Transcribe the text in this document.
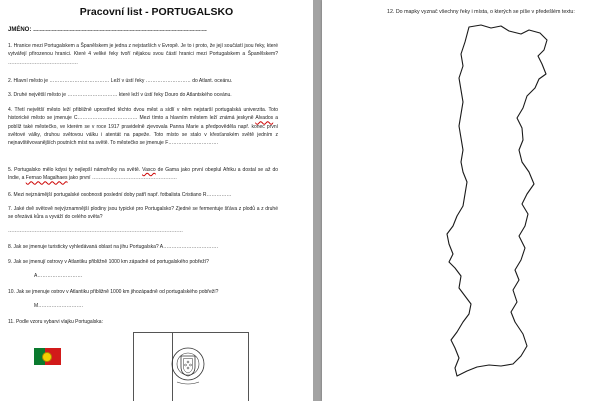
Pracovní list - PORTUGALSKO
JMÉNO: ……………………………………………………………………………
1. Hranice mezi Portugalskem a Španělskem je jedna z nejstarších v Evropě. Je to i proto, že její součástí jsou řeky, které vytvářejí přirozenou hranici. Které 4 veliké řeky tvoří nějakou svou částí hranici mezi Portugalskem a Španělskem? ……………………………………
2. Hlavní město je ……………………………… Leží v ústí řeky ……………………… do Atlant. oceánu.
3. Druhé největší město je ………………………… které leží v ústí řeky Douro do Atlantského oceánu.
4. Třetí největší město leží přibližně uprostřed těchto dvou měst a sídlí v něm nejstarší portugalská univerzita. Toto historické město se jmenuje C……………………………… Mezi tímto a hlavním městem leží známá jeskyně Alvados a poblíž také městečko, ve kterém se v roce 1917 pravidelně zjevovala Panna Marie a předpověděla např. konec první světové války, druhou světovou válku i atentát na papeže. Toto místo se stalo v křesťanském světě jedním z nejnavštěvovanějších poutních míst na světě. To městečko se jmenuje F…………………………
5. Portugalsko mělo kdysi ty nejlepší námořníky na světě. Vasco de Gama jako první obeplul Afriku a dostal se až do Indie, a Fernao Magalhaes jako první ……………………………………………
6. Mezi nejznámější portugalské osobnosti poslední doby patří např. fotbalista Cristiano R……………
7. Jaké dvě světově nejvýznamnější plodiny jsou typické pro Portugalsko? Zjedné se fermentuje šťáva z plodů a z druhé se ořezává kůra a vyváží do celého světa?
……………………………………………………………………………………………
8. Jak se jmenuje turisticky vyhledávaná oblast na jihu Portugalska? A……………………………
9. Jak se jmenují ostrovy v Atlantiku přibližně 1000 km západně od portugalského pobřeží?
A………………………
10. Jak se jmenuje ostrov v Atlantiku přibližně 1000 km jihozápadně od portugalského pobřeží?
M………………………
11. Podle vzoru vybarvi vlajku Portugalska:
12. Do mapky vyznač všechny řeky i místa, o kterých se píše v předešlém textu:
